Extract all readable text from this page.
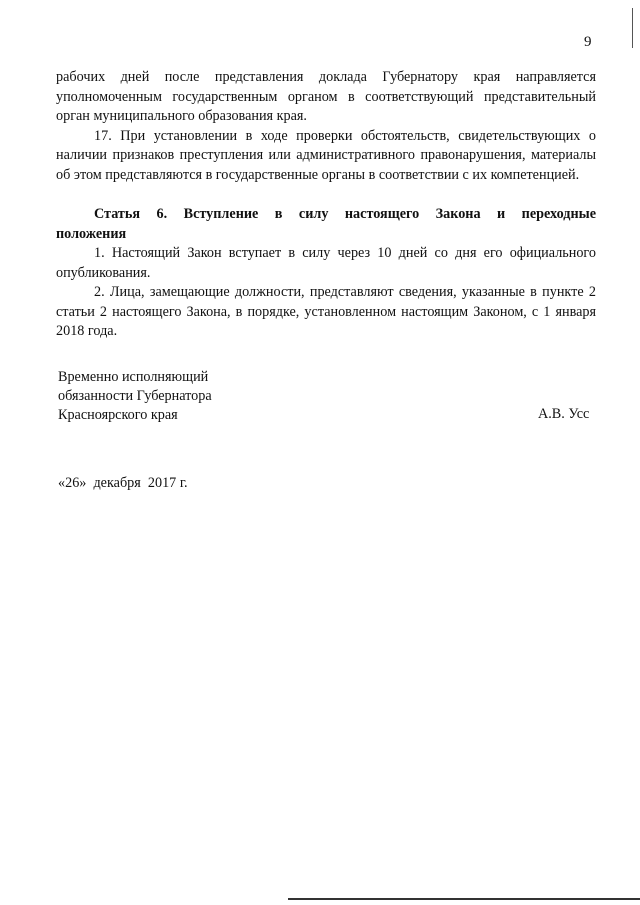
9

рабочих дней после представления доклада Губернатору края направляется уполномоченным государственным органом в соответствующий представительный орган муниципального образования края.

17. При установлении в ходе проверки обстоятельств, свидетельствующих о наличии признаков преступления или административного правонарушения, материалы об этом представляются в государственные органы в соответствии с их компетенцией.

Статья 6. Вступление в силу настоящего Закона и переходные положения

1. Настоящий Закон вступает в силу через 10 дней со дня его официального опубликования.

2. Лица, замещающие должности, представляют сведения, указанные в пункте 2 статьи 2 настоящего Закона, в порядке, установленном настоящим Законом, с 1 января 2018 года.

Временно исполняющий
обязанности Губернатора
Красноярского края	А.В. Усс
«26»  декабря  2017 г.
